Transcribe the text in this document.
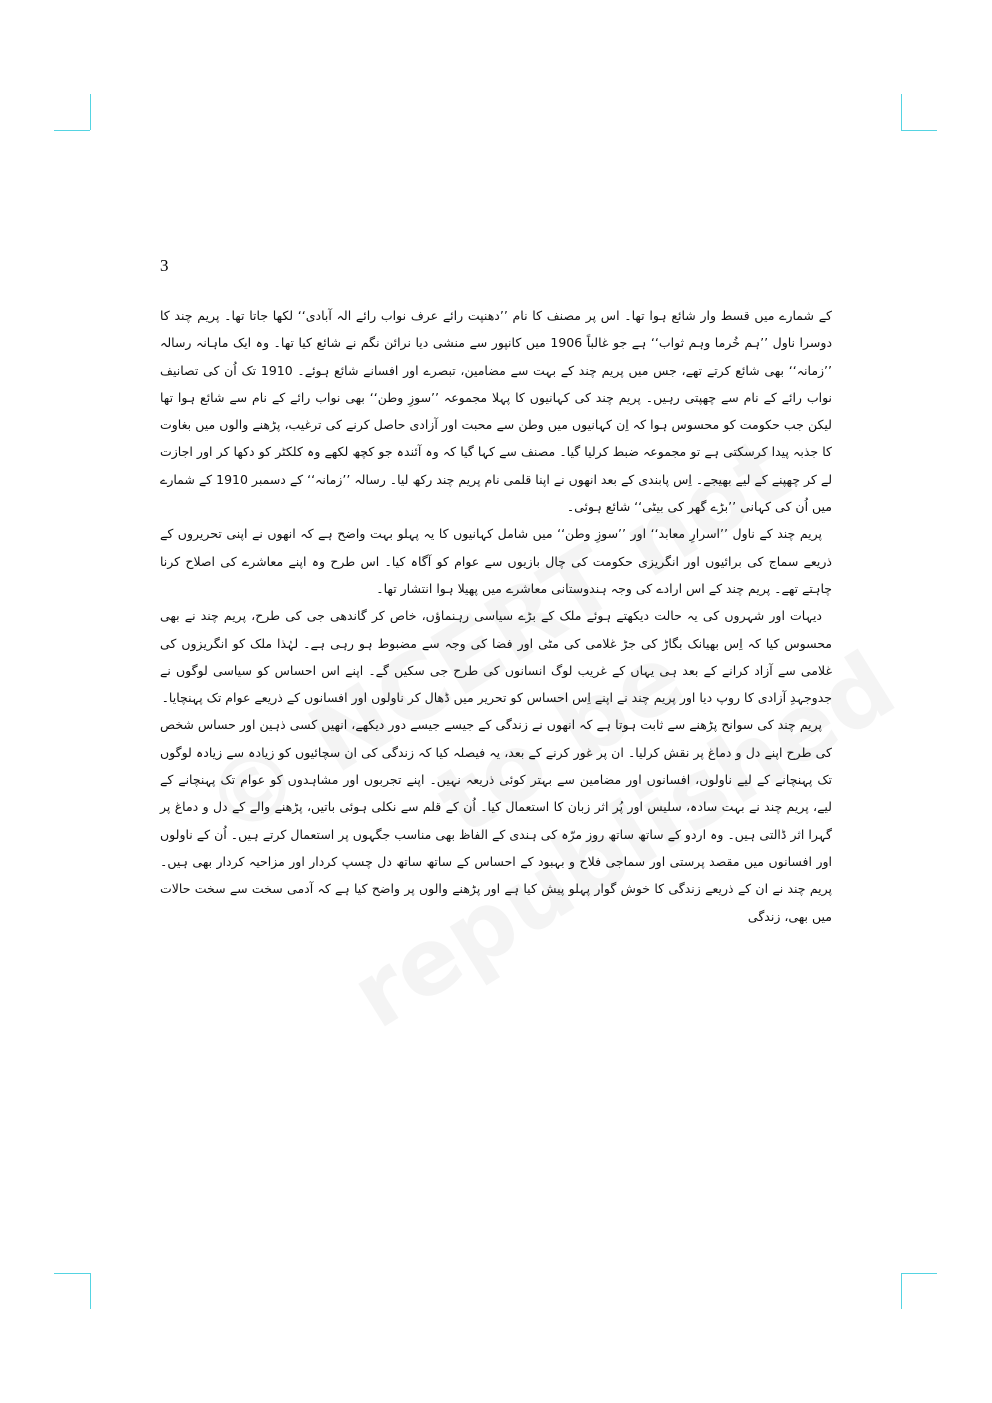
3

کے شمارے میں قسط وار شائع ہوا تھا۔ اس پر مصنف کا نام ’’دھنپت رائے عرف نواب رائے الہ آبادی‘‘ لکھا جاتا تھا۔ پریم چند کا دوسرا ناول ’’ہم خُرما وہم ثواب‘‘ ہے جو غالباً 1906 میں کانپور سے منشی دیا نرائن نگم نے شائع کیا تھا۔ وہ ایک ماہانہ رسالہ ’’زمانہ‘‘ بھی شائع کرتے تھے، جس میں پریم چند کے بہت سے مضامین، تبصرے اور افسانے شائع ہوئے۔ 1910 تک اُن کی تصانیف نواب رائے کے نام سے چھپتی رہیں۔ پریم چند کی کہانیوں کا پہلا مجموعہ ’’سوزِ وطن‘‘ بھی نواب رائے کے نام سے شائع ہوا تھا لیکن جب حکومت کو محسوس ہوا کہ اِن کہانیوں میں وطن سے محبت اور آزادی حاصل کرنے کی ترغیب، پڑھنے والوں میں بغاوت کا جذبہ پیدا کرسکتی ہے تو مجموعہ ضبط کرلیا گیا۔ مصنف سے کہا گیا کہ وہ آئندہ جو کچھ لکھے وہ کلکٹر کو دکھا کر اور اجازت لے کر چھپنے کے لیے بھیجے۔ اِس پابندی کے بعد انھوں نے اپنا قلمی نام پریم چند رکھ لیا۔ رسالہ ’’زمانہ‘‘ کے دسمبر 1910 کے شمارے میں اُن کی کہانی ’’بڑے گھر کی بیٹی‘‘ شائع ہوئی۔

پریم چند کے ناول ’’اسرارِ معابد‘‘ اور ’’سوزِ وطن‘‘ میں شامل کہانیوں کا یہ پہلو بہت واضح ہے کہ انھوں نے اپنی تحریروں کے ذریعے سماج کی برائیوں اور انگریزی حکومت کی چال بازیوں سے عوام کو آگاہ کیا۔ اس طرح وہ اپنے معاشرے کی اصلاح کرنا چاہتے تھے۔ پریم چند کے اس ارادے کی وجہ ہندوستانی معاشرے میں پھیلا ہوا انتشار تھا۔

دیہات اور شہروں کی یہ حالت دیکھتے ہوئے ملک کے بڑے سیاسی رہنماؤں، خاص کر گاندھی جی کی طرح، پریم چند نے بھی محسوس کیا کہ اِس بھیانک بگاڑ کی جڑ غلامی کی مٹی اور فضا کی وجہ سے مضبوط ہو رہی ہے۔ لہٰذا ملک کو انگریزوں کی غلامی سے آزاد کرانے کے بعد ہی یہاں کے غریب لوگ انسانوں کی طرح جی سکیں گے۔ اپنے اس احساس کو سیاسی لوگوں نے جدوجہدِ آزادی کا روپ دیا اور پریم چند نے اپنے اِس احساس کو تحریر میں ڈھال کر ناولوں اور افسانوں کے ذریعے عوام تک پہنچایا۔

پریم چند کی سوانح پڑھنے سے ثابت ہوتا ہے کہ انھوں نے زندگی کے جیسے جیسے دور دیکھے، انھیں کسی ذہین اور حساس شخص کی طرح اپنے دل و دماغ پر نقش کرلیا۔ ان پر غور کرنے کے بعد، یہ فیصلہ کیا کہ زندگی کی ان سچائیوں کو زیادہ سے زیادہ لوگوں تک پہنچانے کے لیے ناولوں، افسانوں اور مضامین سے بہتر کوئی ذریعہ نہیں۔ اپنے تجربوں اور مشاہدوں کو عوام تک پہنچانے کے لیے، پریم چند نے بہت سادہ، سلیس اور پُر اثر زبان کا استعمال کیا۔ اُن کے قلم سے نکلی ہوئی باتیں، پڑھنے والے کے دل و دماغ پر گہرا اثر ڈالتی ہیں۔ وہ اردو کے ساتھ ساتھ روز مرّہ کی ہندی کے الفاظ بھی مناسب جگہوں پر استعمال کرتے ہیں۔ اُن کے ناولوں اور افسانوں میں مقصد پرستی اور سماجی فلاح و بہبود کے احساس کے ساتھ ساتھ دل چسپ کردار اور مزاحیہ کردار بھی ہیں۔ پریم چند نے ان کے ذریعے زندگی کا خوش گوار پہلو پیش کیا ہے اور پڑھنے والوں پر واضح کیا ہے کہ آدمی سخت سے سخت حالات میں بھی، زندگی
